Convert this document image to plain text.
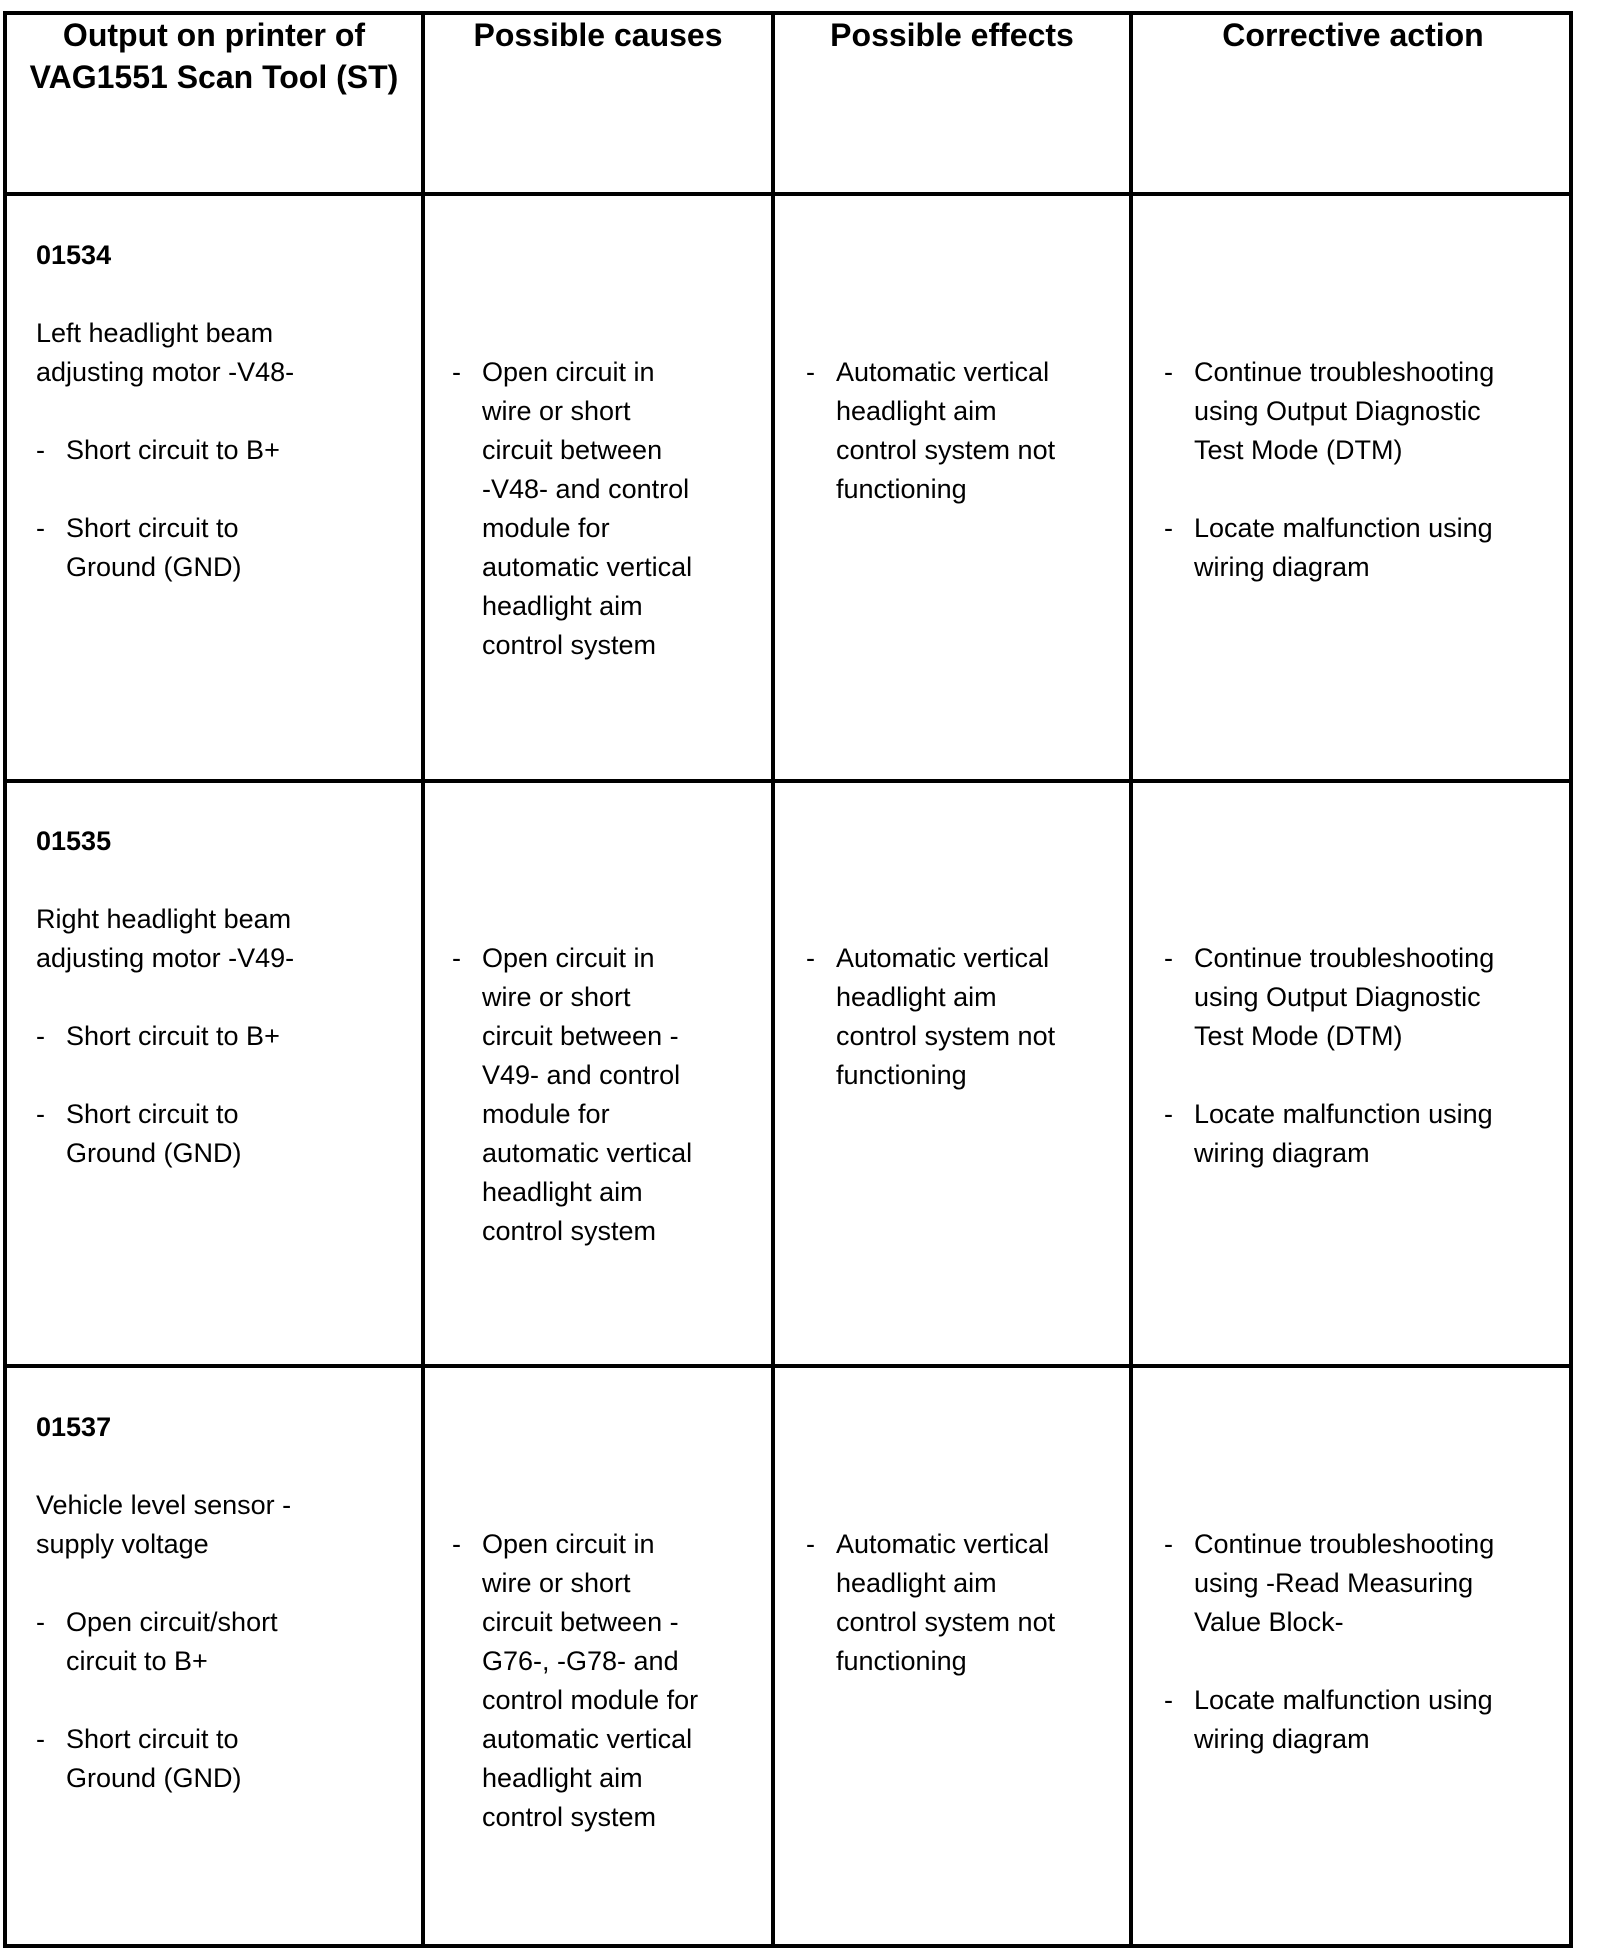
Output on printer of VAG1551 Scan Tool (ST)
Possible causes	Possible effects	Corrective action
01534
Left headlight beam
adjusting motor -V48-
- Short circuit to B+
- Short circuit to
Ground (GND)
- Open circuit in
wire or short
circuit between
-V48- and control
module for
automatic vertical
headlight aim
control system
- Automatic vertical
headlight aim
control system not
functioning
- Continue troubleshooting
using Output Diagnostic
Test Mode (DTM)
- Locate malfunction using
wiring diagram
01535
Right headlight beam
adjusting motor -V49-
- Short circuit to B+
- Short circuit to
Ground (GND)
- Open circuit in
wire or short
circuit between -
V49- and control
module for
automatic vertical
headlight aim
control system
- Automatic vertical
headlight aim
control system not
functioning
- Continue troubleshooting
using Output Diagnostic
Test Mode (DTM)
- Locate malfunction using
wiring diagram
01537
Vehicle level sensor -
supply voltage
- Open circuit/short
circuit to B+
- Short circuit to
Ground (GND)
- Open circuit in
wire or short
circuit between -
G76-, -G78- and
control module for
automatic vertical
headlight aim
control system
- Automatic vertical
headlight aim
control system not
functioning
- Continue troubleshooting
using -Read Measuring
Value Block-
- Locate malfunction using
wiring diagram
